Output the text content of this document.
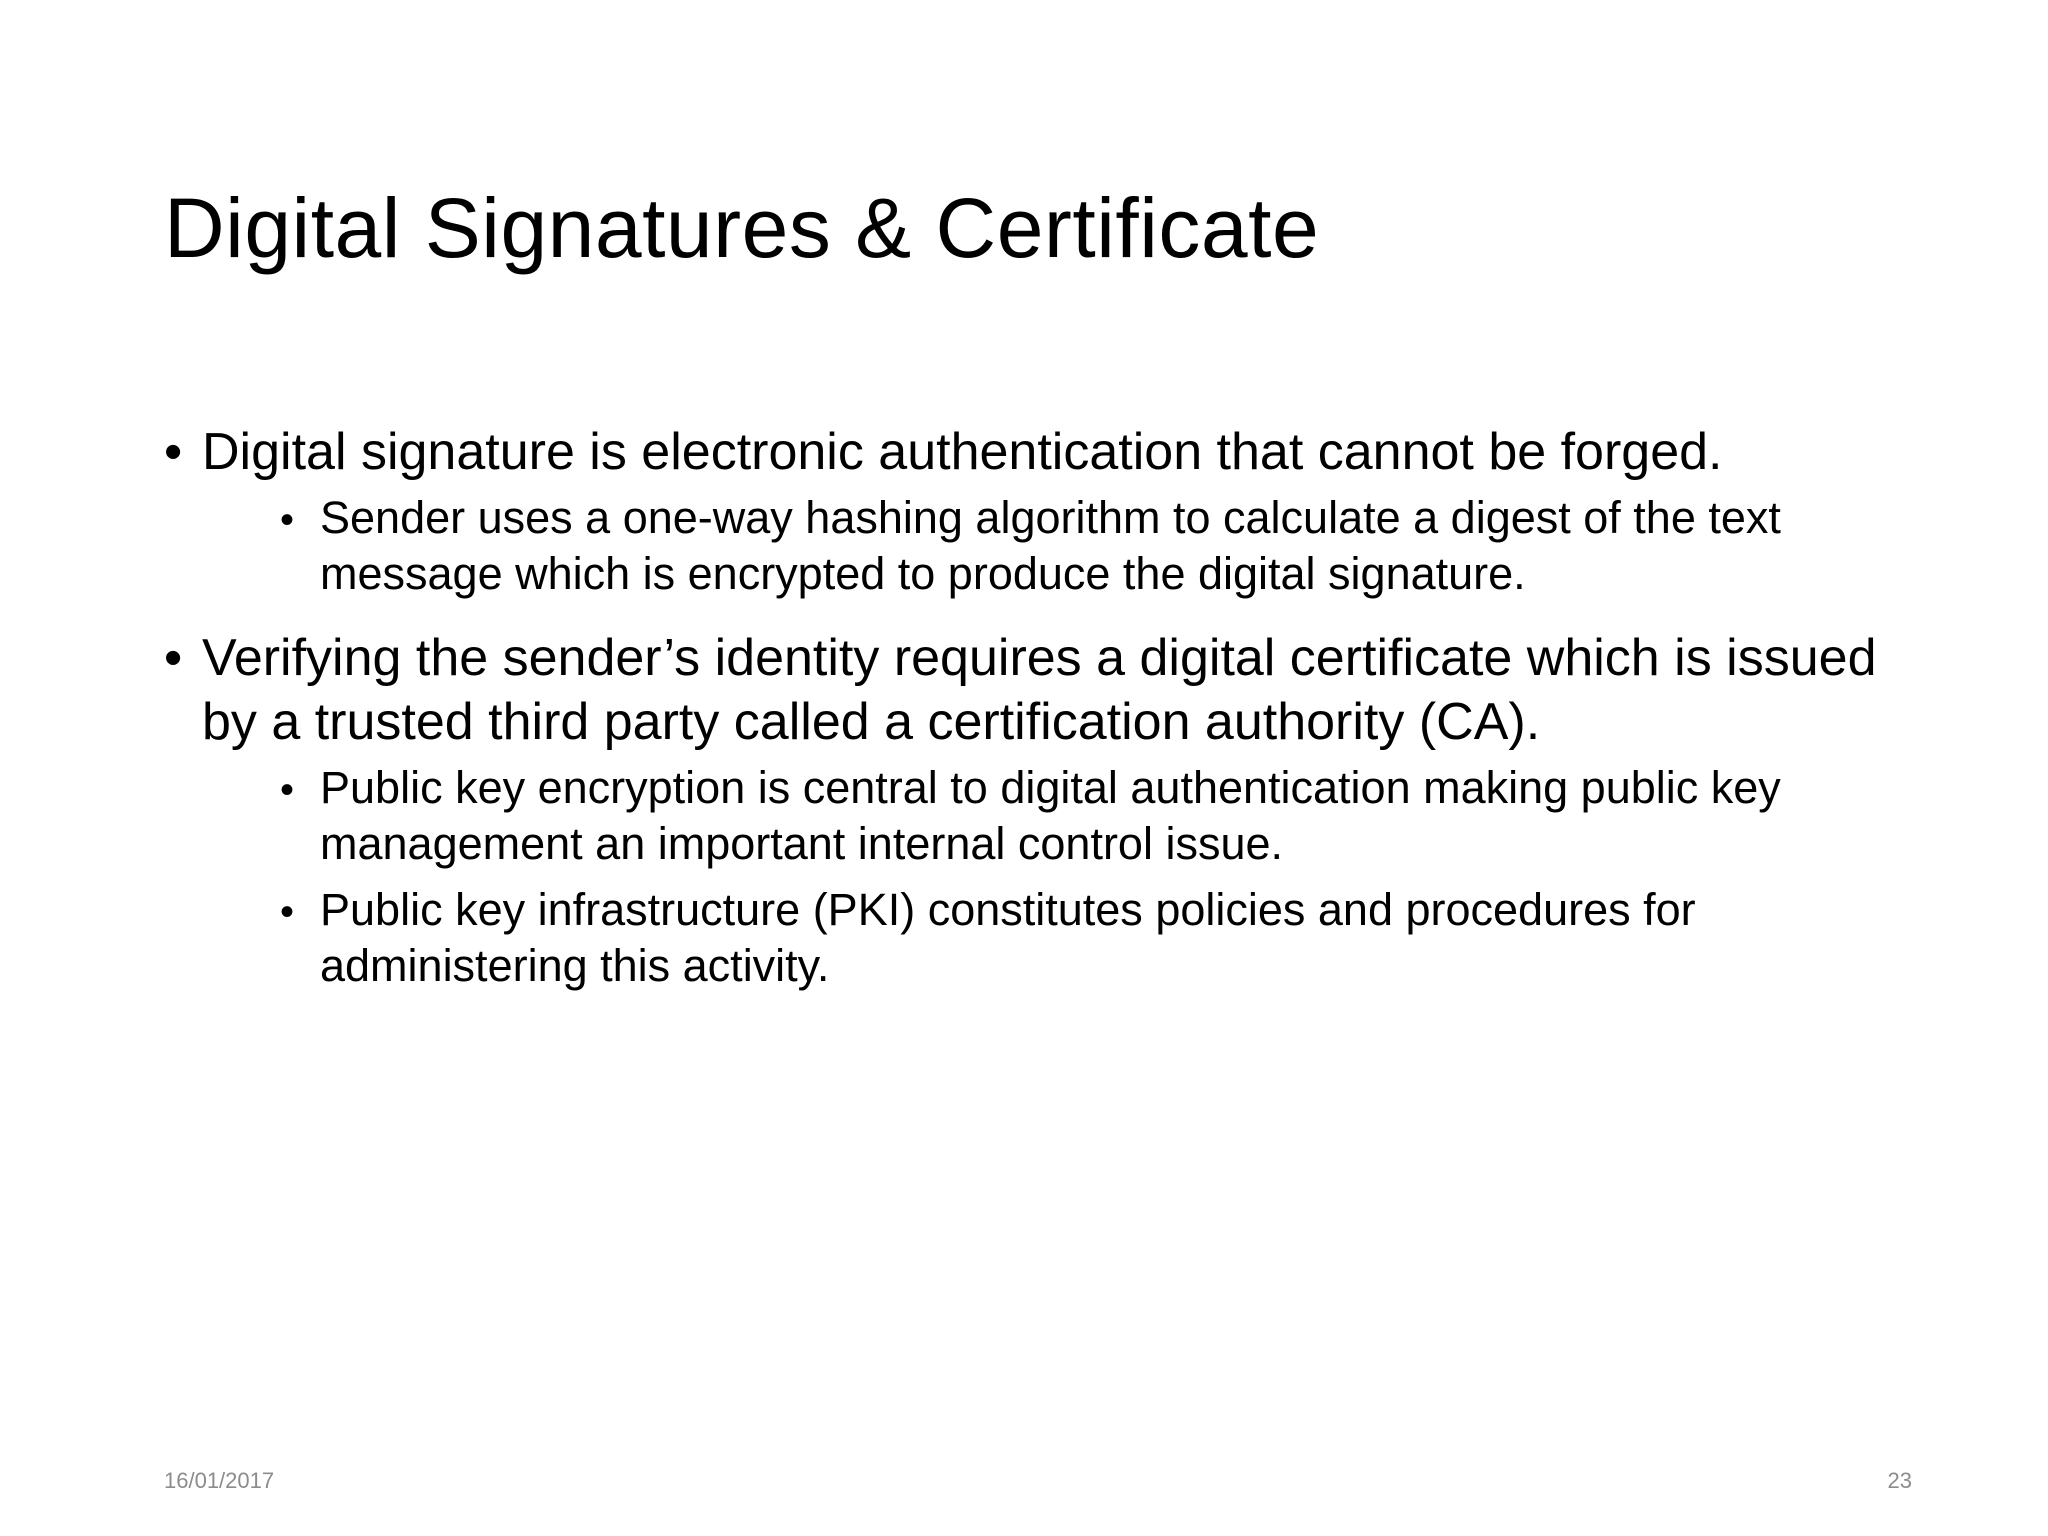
Digital Signatures & Certificate
• Digital signature is electronic authentication that cannot be forged.
• Sender uses a one-way hashing algorithm to calculate a digest of the text message which is encrypted to produce the digital signature.
• Verifying the sender’s identity requires a digital certificate which is issued by a trusted third party called a certification authority (CA).
• Public key encryption is central to digital authentication making public key management an important internal control issue.
• Public key infrastructure (PKI) constitutes policies and procedures for administering this activity.
16/01/2017	23
